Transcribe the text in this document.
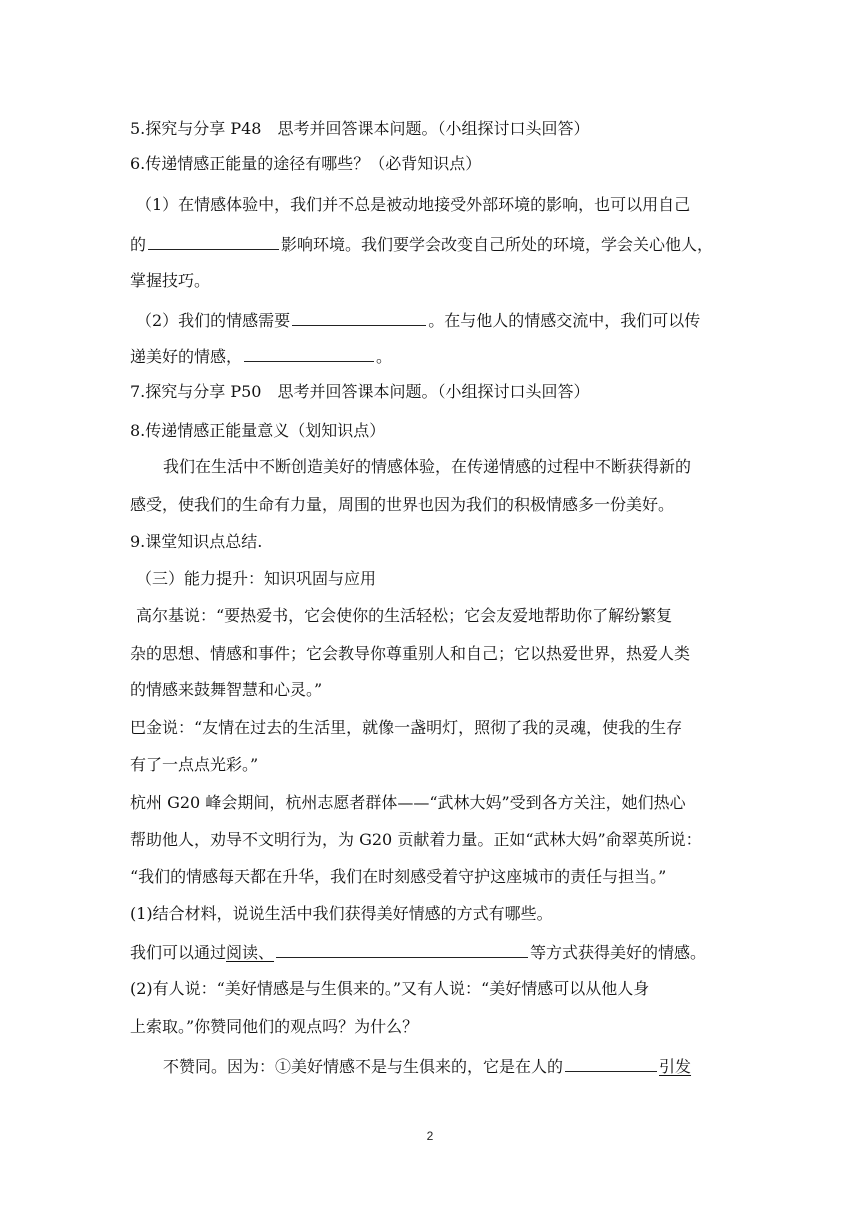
5.探究与分享 P48　思考并回答课本问题。（小组探讨口头回答）
6.传递情感正能量的途径有哪些？（必背知识点）
（1）在情感体验中，我们并不总是被动地接受外部环境的影响，也可以用自己
的	影响环境。我们要学会改变自己所处的环境，学会关心他人，
掌握技巧。
（2）我们的情感需要	。在与他人的情感交流中，我们可以传
递美好的情感，	。
7.探究与分享 P50　思考并回答课本问题。（小组探讨口头回答）
8.传递情感正能量意义（划知识点）
我们在生活中不断创造美好的情感体验，在传递情感的过程中不断获得新的
感受，使我们的生命有力量，周围的世界也因为我们的积极情感多一份美好。
9.课堂知识点总结.
（三）能力提升：知识巩固与应用
高尔基说：“要热爱书，它会使你的生活轻松；它会友爱地帮助你了解纷繁复
杂的思想、情感和事件；它会教导你尊重别人和自己；它以热爱世界，热爱人类
的情感来鼓舞智慧和心灵。”
巴金说：“友情在过去的生活里，就像一盏明灯，照彻了我的灵魂，使我的生存
有了一点点光彩。”
杭州 G20 峰会期间，杭州志愿者群体——“武林大妈”受到各方关注，她们热心
帮助他人，劝导不文明行为，为 G20 贡献着力量。正如“武林大妈”俞翠英所说：
“我们的情感每天都在升华，我们在时刻感受着守护这座城市的责任与担当。”
(1)结合材料，说说生活中我们获得美好情感的方式有哪些。
我们可以通过阅读、	等方式获得美好的情感。
(2)有人说：“美好情感是与生俱来的。”又有人说：“美好情感可以从他人身
上索取。”你赞同他们的观点吗？为什么？
不赞同。因为：①美好情感不是与生俱来的，它是在人的	引发
2
